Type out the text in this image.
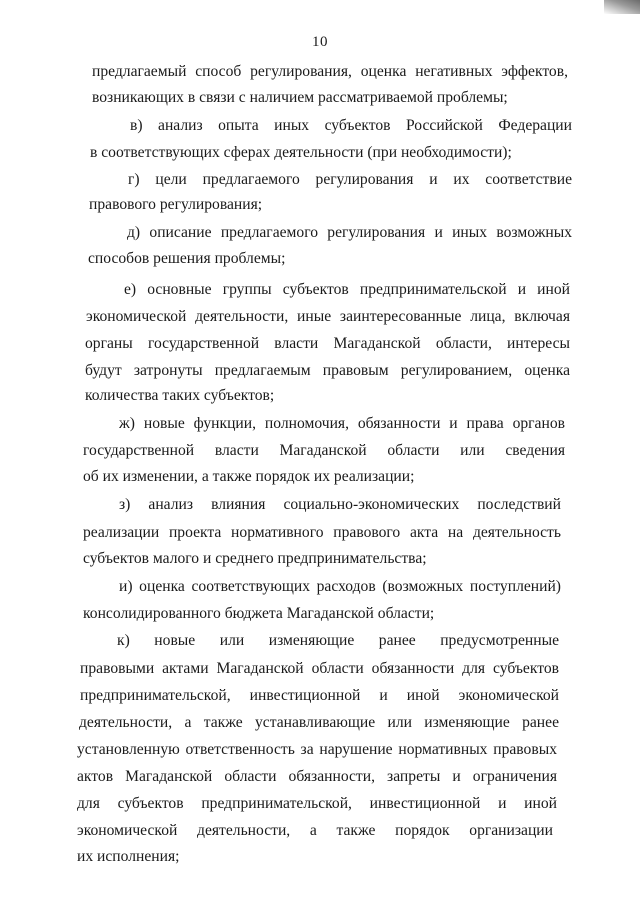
10
предлагаемый способ регулирования, оценка негативных эффектов,
возникающих в связи с наличием рассматриваемой проблемы;
в) анализ опыта иных субъектов Российской Федерации
в соответствующих сферах деятельности (при необходимости);
г) цели предлагаемого регулирования и их соответствие
правового регулирования;
д) описание предлагаемого регулирования и иных возможных
способов решения проблемы;
е) основные группы субъектов предпринимательской и иной
экономической деятельности, иные заинтересованные лица, включая
органы государственной власти Магаданской области, интересы
будут затронуты предлагаемым правовым регулированием, оценка
количества таких субъектов;
ж) новые функции, полномочия, обязанности и права органов
государственной власти Магаданской области или сведения
об их изменении, а также порядок их реализации;
з) анализ влияния социально-экономических последствий
реализации проекта нормативного правового акта на деятельность
субъектов малого и среднего предпринимательства;
и) оценка соответствующих расходов (возможных поступлений)
консолидированного бюджета Магаданской области;
к) новые или изменяющие ранее предусмотренные
правовыми актами Магаданской области обязанности для субъектов
предпринимательской, инвестиционной и иной экономической
деятельности, а также устанавливающие или изменяющие ранее
установленную ответственность за нарушение нормативных правовых
актов Магаданской области обязанности, запреты и ограничения
для субъектов предпринимательской, инвестиционной и иной
экономической деятельности, а также порядок организации
их исполнения;
